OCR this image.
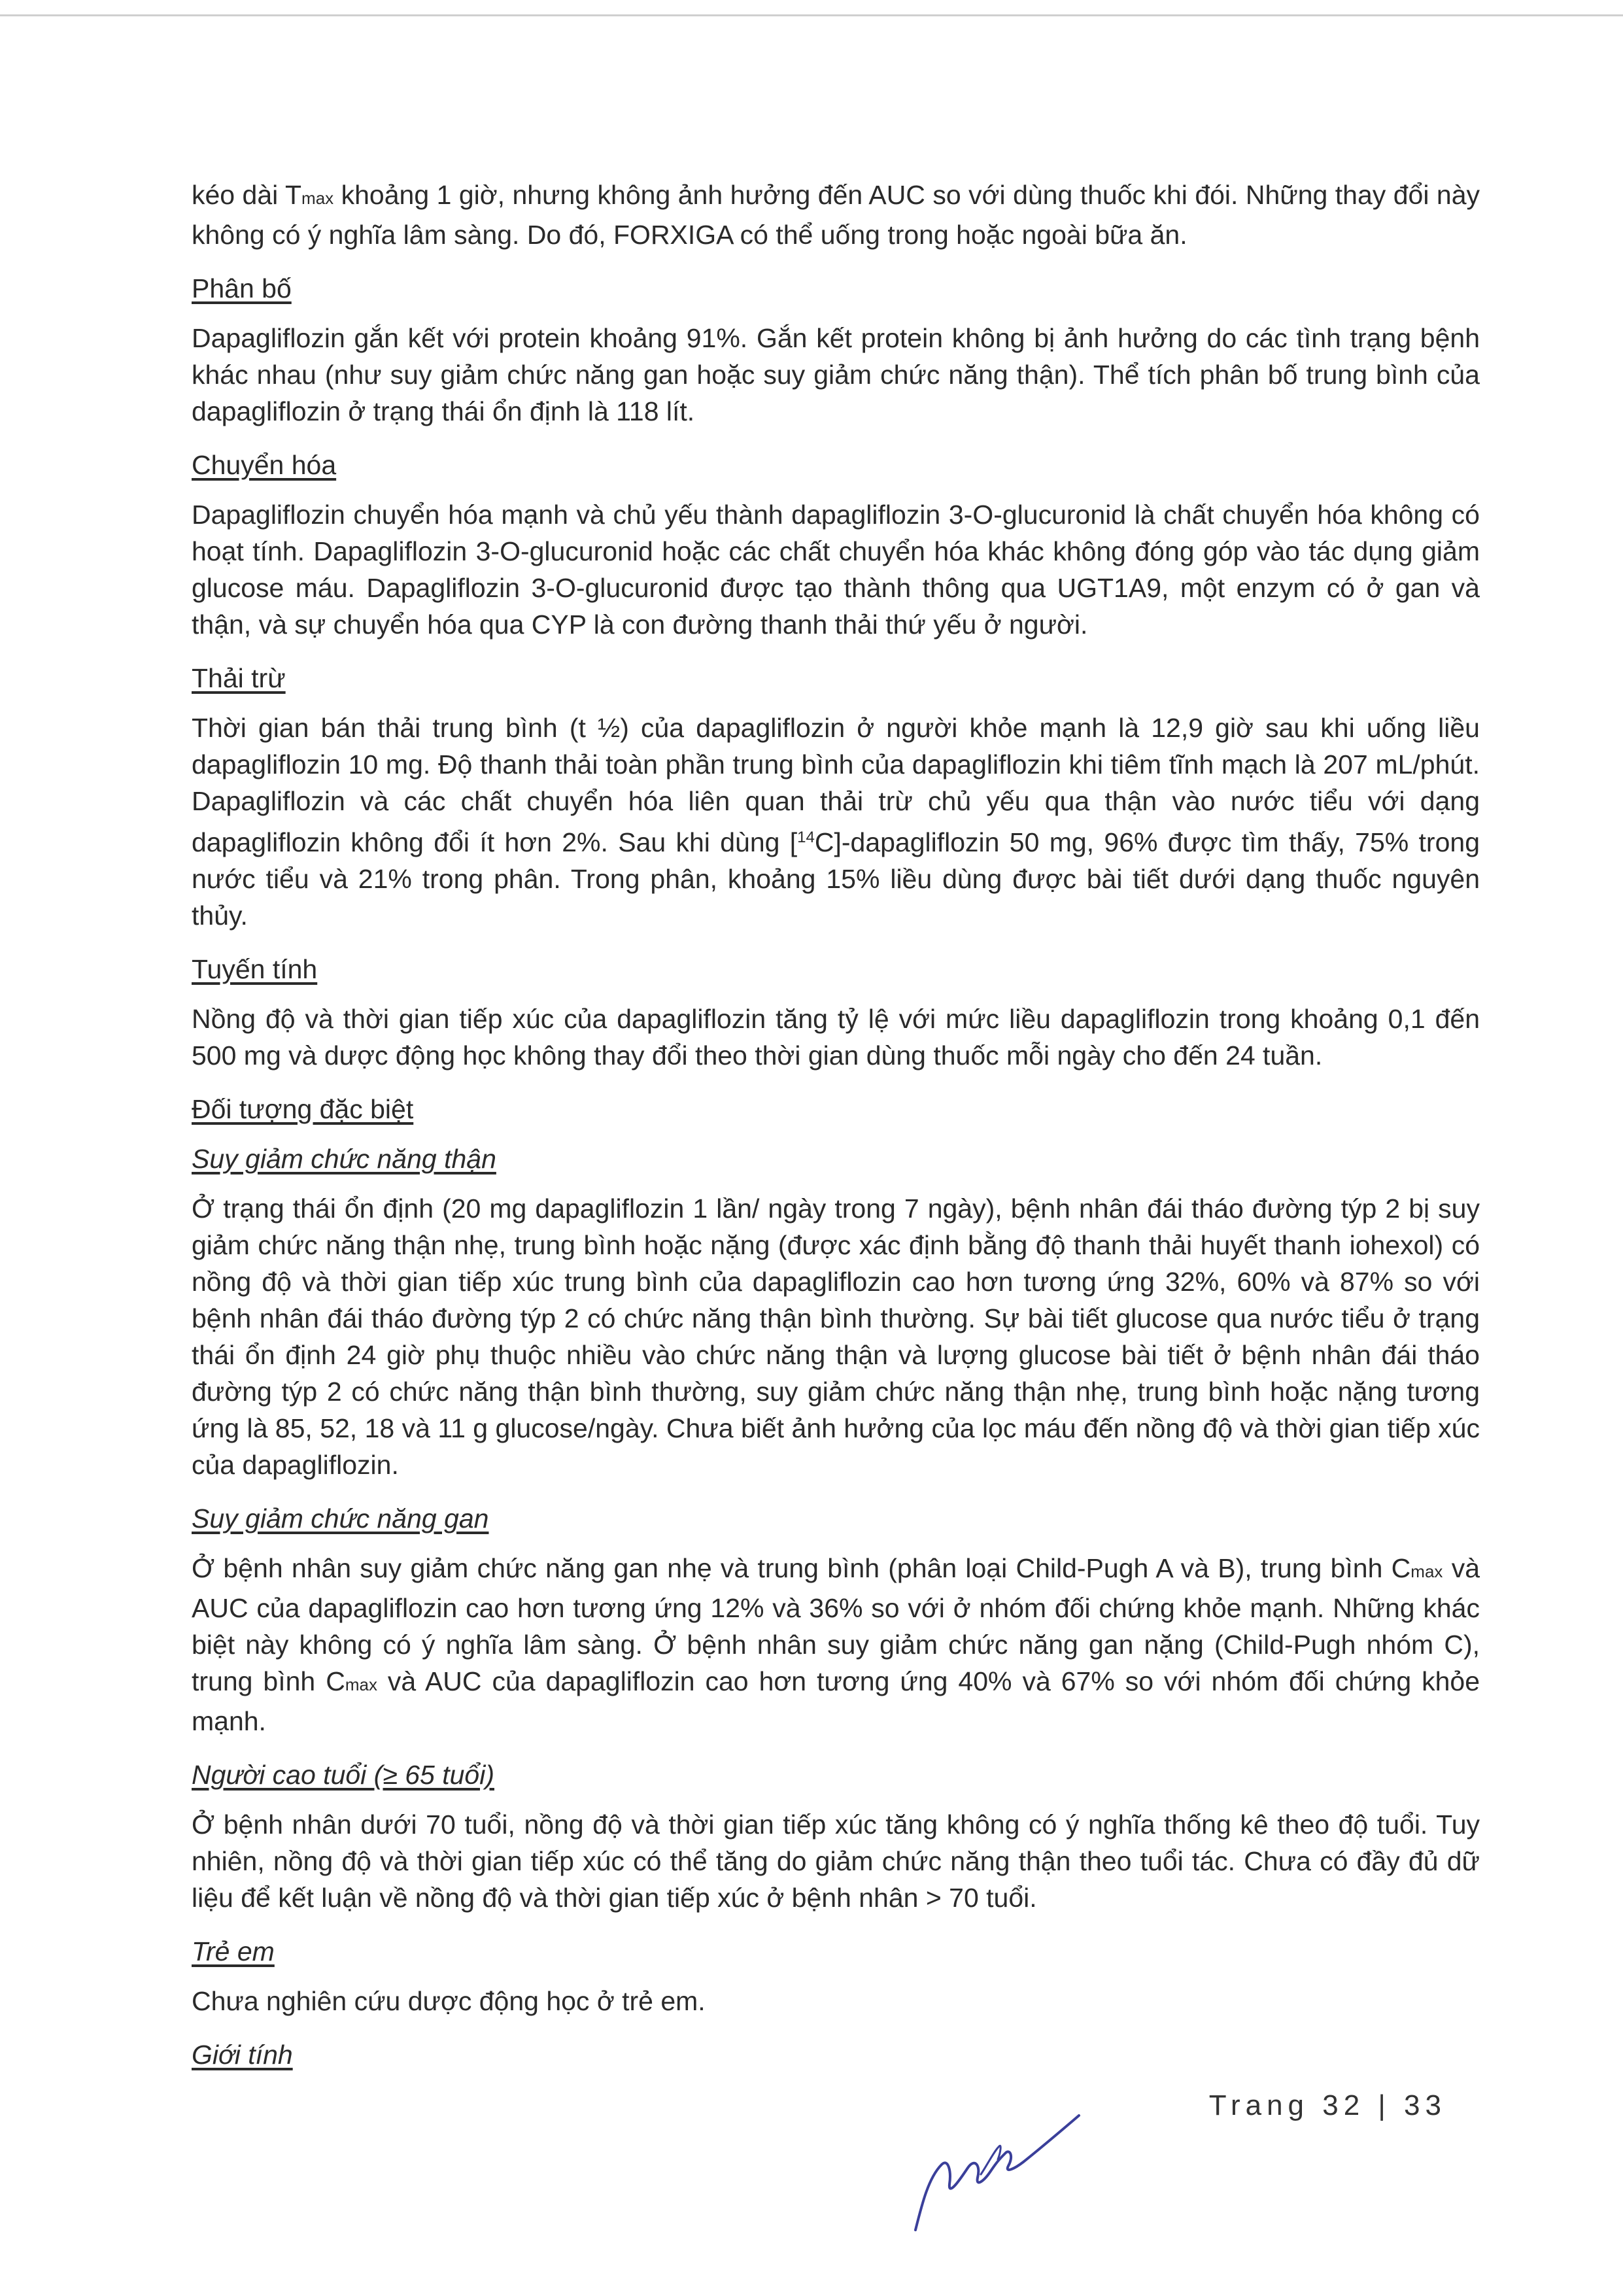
kéo dài Tmax khoảng 1 giờ, nhưng không ảnh hưởng đến AUC so với dùng thuốc khi đói. Những thay đổi này không có ý nghĩa lâm sàng. Do đó, FORXIGA có thể uống trong hoặc ngoài bữa ăn.

Phân bố

Dapagliflozin gắn kết với protein khoảng 91%. Gắn kết protein không bị ảnh hưởng do các tình trạng bệnh khác nhau (như suy giảm chức năng gan hoặc suy giảm chức năng thận). Thể tích phân bố trung bình của dapagliflozin ở trạng thái ổn định là 118 lít.

Chuyển hóa

Dapagliflozin chuyển hóa mạnh và chủ yếu thành dapagliflozin 3-O-glucuronid là chất chuyển hóa không có hoạt tính. Dapagliflozin 3-O-glucuronid hoặc các chất chuyển hóa khác không đóng góp vào tác dụng giảm glucose máu. Dapagliflozin 3-O-glucuronid được tạo thành thông qua UGT1A9, một enzym có ở gan và thận, và sự chuyển hóa qua CYP là con đường thanh thải thứ yếu ở người.

Thải trừ

Thời gian bán thải trung bình (t ½) của dapagliflozin ở người khỏe mạnh là 12,9 giờ sau khi uống liều dapagliflozin 10 mg. Độ thanh thải toàn phần trung bình của dapagliflozin khi tiêm tĩnh mạch là 207 mL/phút. Dapagliflozin và các chất chuyển hóa liên quan thải trừ chủ yếu qua thận vào nước tiểu với dạng dapagliflozin không đổi ít hơn 2%. Sau khi dùng [$^{14}$C]-dapagliflozin 50 mg, 96% được tìm thấy, 75% trong nước tiểu và 21% trong phân. Trong phân, khoảng 15% liều dùng được bài tiết dưới dạng thuốc nguyên thủy.

Tuyến tính

Nồng độ và thời gian tiếp xúc của dapagliflozin tăng tỷ lệ với mức liều dapagliflozin trong khoảng 0,1 đến 500 mg và dược động học không thay đổi theo thời gian dùng thuốc mỗi ngày cho đến 24 tuần.

Đối tượng đặc biệt
Suy giảm chức năng thận

Ở trạng thái ổn định (20 mg dapagliflozin 1 lần/ ngày trong 7 ngày), bệnh nhân đái tháo đường týp 2 bị suy giảm chức năng thận nhẹ, trung bình hoặc nặng (được xác định bằng độ thanh thải huyết thanh iohexol) có nồng độ và thời gian tiếp xúc trung bình của dapagliflozin cao hơn tương ứng 32%, 60% và 87% so với bệnh nhân đái tháo đường týp 2 có chức năng thận bình thường. Sự bài tiết glucose qua nước tiểu ở trạng thái ổn định 24 giờ phụ thuộc nhiều vào chức năng thận và lượng glucose bài tiết ở bệnh nhân đái tháo đường týp 2 có chức năng thận bình thường, suy giảm chức năng thận nhẹ, trung bình hoặc nặng tương ứng là 85, 52, 18 và 11 g glucose/ngày. Chưa biết ảnh hưởng của lọc máu đến nồng độ và thời gian tiếp xúc của dapagliflozin.

Suy giảm chức năng gan

Ở bệnh nhân suy giảm chức năng gan nhẹ và trung bình (phân loại Child-Pugh A và B), trung bình Cmax và AUC của dapagliflozin cao hơn tương ứng 12% và 36% so với ở nhóm đối chứng khỏe mạnh. Những khác biệt này không có ý nghĩa lâm sàng. Ở bệnh nhân suy giảm chức năng gan nặng (Child-Pugh nhóm C), trung bình Cmax và AUC của dapagliflozin cao hơn tương ứng 40% và 67% so với nhóm đối chứng khỏe mạnh.

Người cao tuổi (≥ 65 tuổi)

Ở bệnh nhân dưới 70 tuổi, nồng độ và thời gian tiếp xúc tăng không có ý nghĩa thống kê theo độ tuổi. Tuy nhiên, nồng độ và thời gian tiếp xúc có thể tăng do giảm chức năng thận theo tuổi tác. Chưa có đầy đủ dữ liệu để kết luận về nồng độ và thời gian tiếp xúc ở bệnh nhân > 70 tuổi.

Trẻ em

Chưa nghiên cứu dược động học ở trẻ em.

Giới tính
Trang 32 | 33
